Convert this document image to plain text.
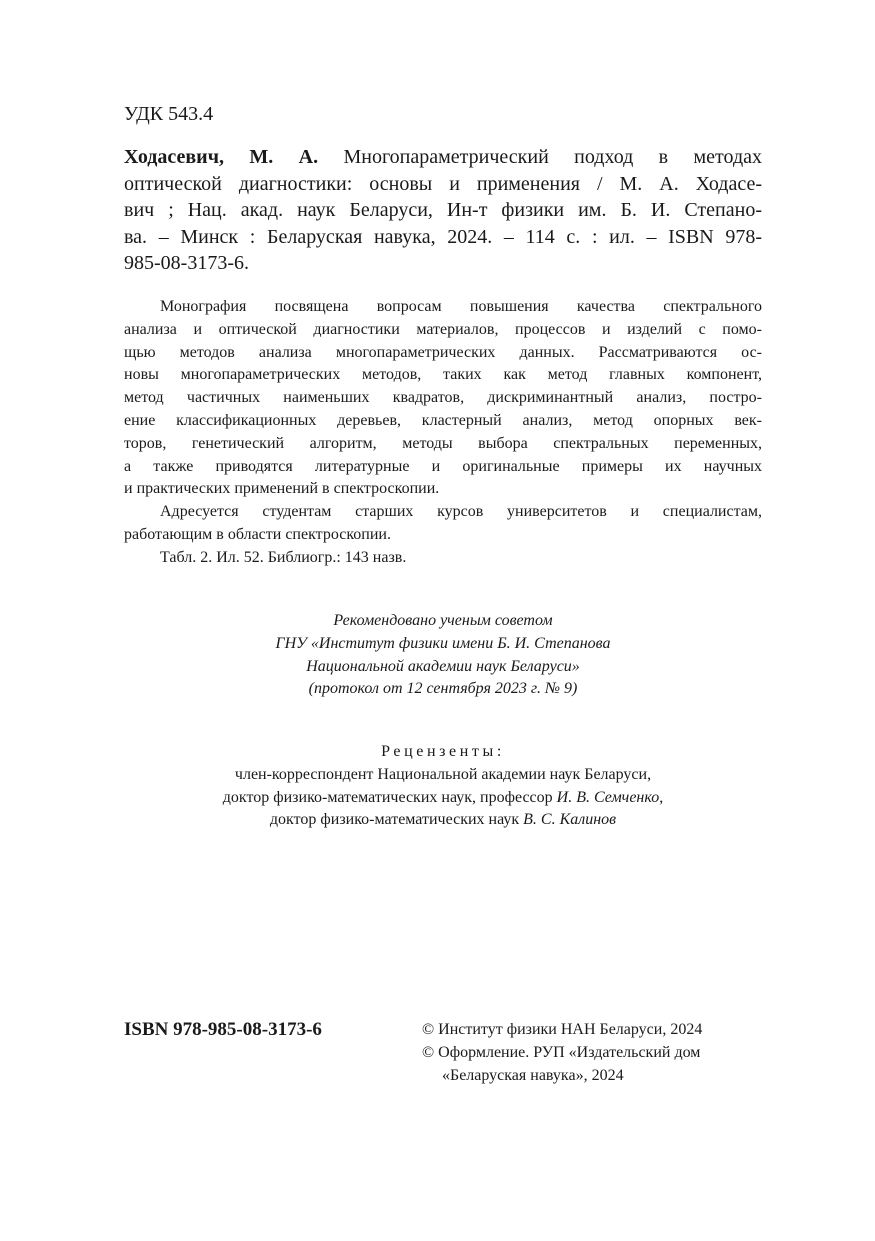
УДК 543.4
Ходасевич, М. А. Многопараметрический подход в методах
оптической диагностики: основы и применения / М. А. Ходасе-
вич ; Нац. акад. наук Беларуси, Ин-т физики им. Б. И. Степано-
ва. – Минск : Беларуская навука, 2024. – 114 с. : ил. – ISBN 978-
985-08-3173-6.
Монография посвящена вопросам повышения качества спектрального
анализа и оптической диагностики материалов, процессов и изделий с помо-
щью методов анализа многопараметрических данных. Рассматриваются ос-
новы многопараметрических методов, таких как метод главных компонент,
метод частичных наименьших квадратов, дискриминантный анализ, постро-
ение классификационных деревьев, кластерный анализ, метод опорных век-
торов, генетический алгоритм, методы выбора спектральных переменных,
а также приводятся литературные и оригинальные примеры их научных
и практических применений в спектроскопии.
Адресуется студентам старших курсов университетов и специалистам,
работающим в области спектроскопии.
Табл. 2. Ил. 52. Библиогр.: 143 назв.
Рекомендовано ученым советом
ГНУ «Институт физики имени Б. И. Степанова
Национальной академии наук Беларуси»
(протокол от 12 сентября 2023 г. № 9)
Рецензенты:
член-корреспондент Национальной академии наук Беларуси,
доктор физико-математических наук, профессор И. В. Семченко,
доктор физико-математических наук В. С. Калинов
ISBN 978-985-08-3173-6	© Институт физики НАН Беларуси, 2024
© Оформление. РУП «Издательский дом
«Беларуская навука», 2024
